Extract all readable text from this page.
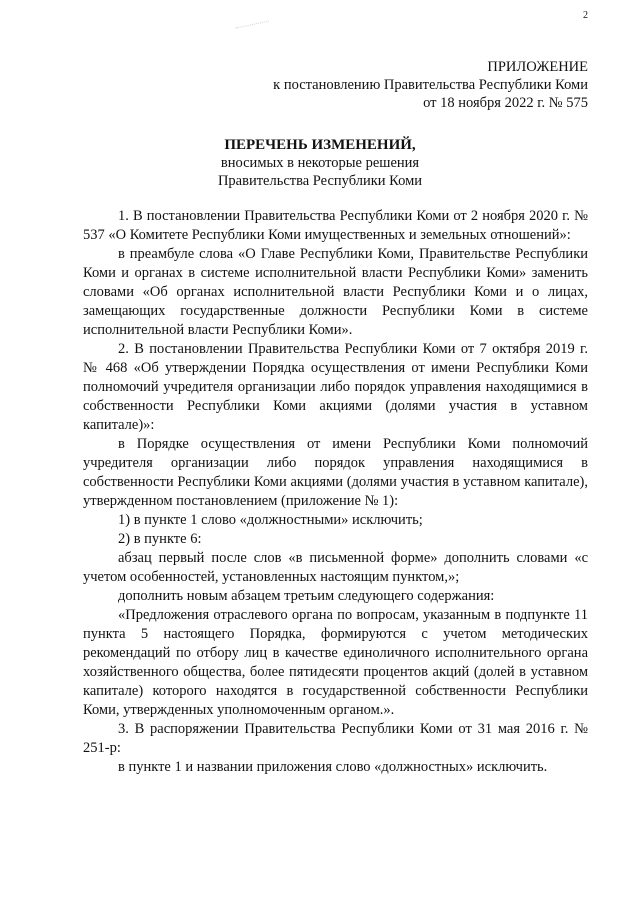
2
ПРИЛОЖЕНИЕ
к постановлению Правительства Республики Коми
от 18 ноября 2022 г. № 575
ПЕРЕЧЕНЬ ИЗМЕНЕНИЙ,
вносимых в некоторые решения
Правительства Республики Коми

1. В постановлении Правительства Республики Коми от 2 ноября 2020 г. № 537 «О Комитете Республики Коми имущественных и земельных отношений»:

в преамбуле слова «О Главе Республики Коми, Правительстве Республики Коми и органах в системе исполнительной власти Республики Коми» заменить словами «Об органах исполнительной власти Республики Коми и о лицах, замещающих государственные должности Республики Коми в системе исполнительной власти Республики Коми».

2. В постановлении Правительства Республики Коми от 7 октября 2019 г. № 468 «Об утверждении Порядка осуществления от имени Республики Коми полномочий учредителя организации либо порядок управления находящимися в собственности Республики Коми акциями (долями участия в уставном капитале)»:

в Порядке осуществления от имени Республики Коми полномочий учредителя организации либо порядок управления находящимися в собственности Республики Коми акциями (долями участия в уставном капитале), утвержденном постановлением (приложение № 1):

1) в пункте 1 слово «должностными» исключить;

2) в пункте 6:

абзац первый после слов «в письменной форме» дополнить словами «с учетом особенностей, установленных настоящим пунктом,»;

дополнить новым абзацем третьим следующего содержания:

«Предложения отраслевого органа по вопросам, указанным в подпункте 11 пункта 5 настоящего Порядка, формируются с учетом методических рекомендаций по отбору лиц в качестве единоличного исполнительного органа хозяйственного общества, более пятидесяти процентов акций (долей в уставном капитале) которого находятся в государственной собственности Республики Коми, утвержденных уполномоченным органом.».

3. В распоряжении Правительства Республики Коми от 31 мая 2016 г. № 251-р:

в пункте 1 и названии приложения слово «должностных» исключить.
